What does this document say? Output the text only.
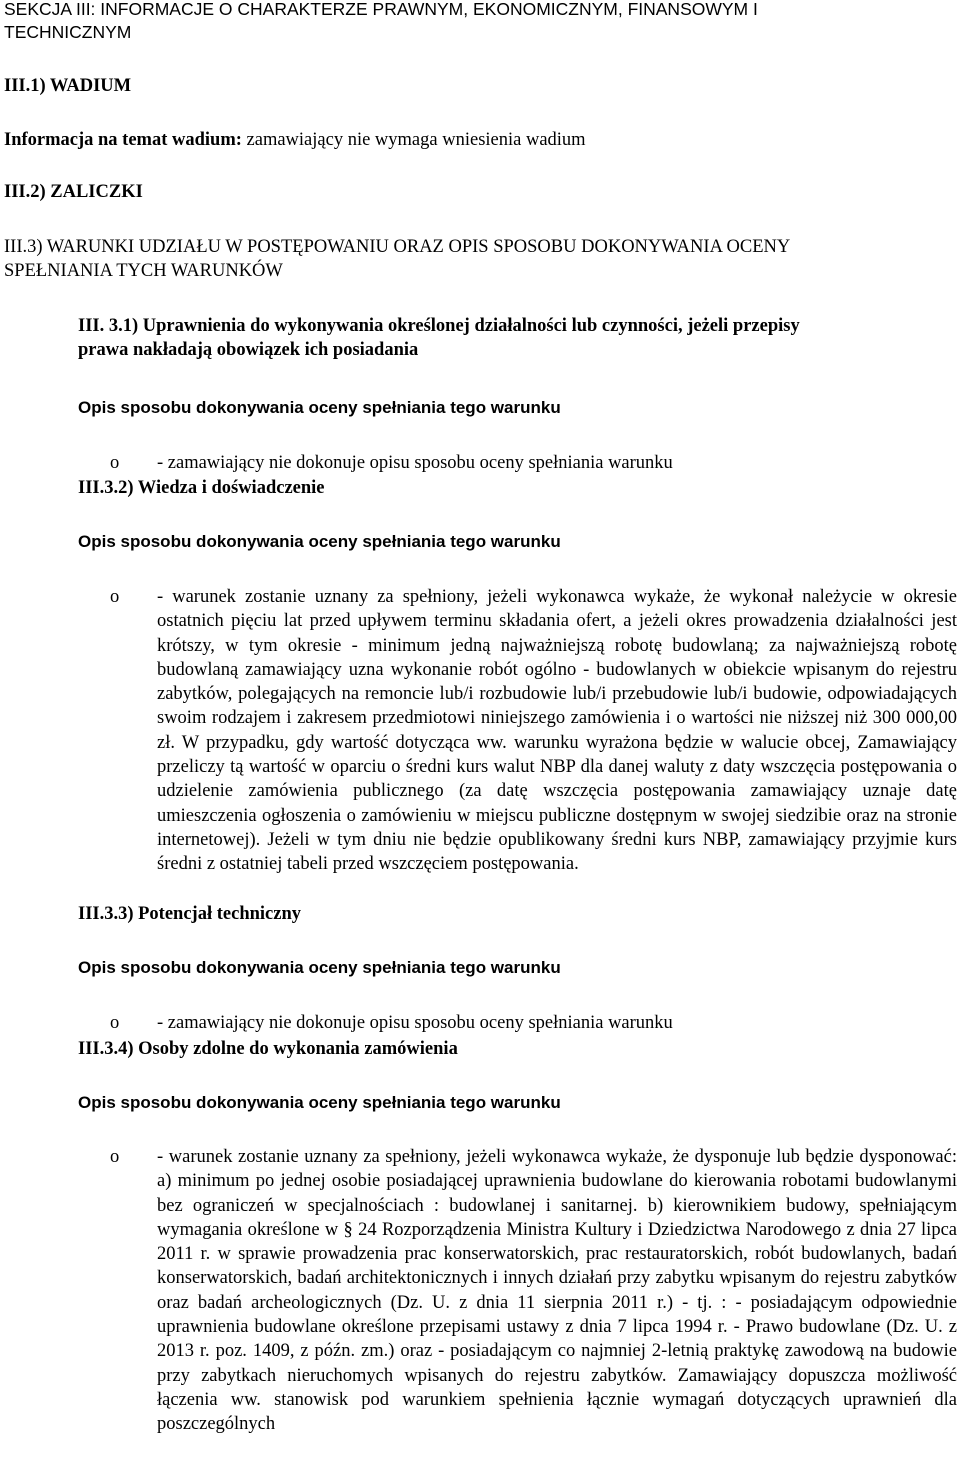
SEKCJA III: INFORMACJE O CHARAKTERZE PRAWNYM, EKONOMICZNYM, FINANSOWYM I
TECHNICZNYM
III.1) WADIUM
Informacja na temat wadium: zamawiający nie wymaga wniesienia wadium
III.2) ZALICZKI
III.3) WARUNKI UDZIAŁU W POSTĘPOWANIU ORAZ OPIS SPOSOBU DOKONYWANIA OCENY
SPEŁNIANIA TYCH WARUNKÓW
III. 3.1) Uprawnienia do wykonywania określonej działalności lub czynności, jeżeli przepisy
prawa nakładają obowiązek ich posiadania
Opis sposobu dokonywania oceny spełniania tego warunku
o - zamawiający nie dokonuje opisu sposobu oceny spełniania warunku
III.3.2) Wiedza i doświadczenie
Opis sposobu dokonywania oceny spełniania tego warunku
o - warunek zostanie uznany za spełniony, jeżeli wykonawca wykaże, że wykonał należycie w okresie ostatnich pięciu lat przed upływem terminu składania ofert, a jeżeli okres prowadzenia działalności jest krótszy, w tym okresie - minimum jedną najważniejszą robotę budowlaną; za najważniejszą robotę budowlaną zamawiający uzna wykonanie robót ogólno - budowlanych w obiekcie wpisanym do rejestru zabytków, polegających na remoncie lub/i rozbudowie lub/i przebudowie lub/i budowie, odpowiadających swoim rodzajem i zakresem przedmiotowi niniejszego zamówienia i o wartości nie niższej niż 300 000,00 zł. W przypadku, gdy wartość dotycząca ww. warunku wyrażona będzie w walucie obcej, Zamawiający przeliczy tą wartość w oparciu o średni kurs walut NBP dla danej waluty z daty wszczęcia postępowania o udzielenie zamówienia publicznego (za datę wszczęcia postępowania zamawiający uznaje datę umieszczenia ogłoszenia o zamówieniu w miejscu publiczne dostępnym w swojej siedzibie oraz na stronie internetowej). Jeżeli w tym dniu nie będzie opublikowany średni kurs NBP, zamawiający przyjmie kurs średni z ostatniej tabeli przed wszczęciem postępowania.
III.3.3) Potencjał techniczny
Opis sposobu dokonywania oceny spełniania tego warunku
o - zamawiający nie dokonuje opisu sposobu oceny spełniania warunku
III.3.4) Osoby zdolne do wykonania zamówienia
Opis sposobu dokonywania oceny spełniania tego warunku
o - warunek zostanie uznany za spełniony, jeżeli wykonawca wykaże, że dysponuje lub będzie dysponować: a) minimum po jednej osobie posiadającej uprawnienia budowlane do kierowania robotami budowlanymi bez ograniczeń w specjalnościach : budowlanej i sanitarnej. b) kierownikiem budowy, spełniającym wymagania określone w § 24 Rozporządzenia Ministra Kultury i Dziedzictwa Narodowego z dnia 27 lipca 2011 r. w sprawie prowadzenia prac konserwatorskich, prac restauratorskich, robót budowlanych, badań konserwatorskich, badań architektonicznych i innych działań przy zabytku wpisanym do rejestru zabytków oraz badań archeologicznych (Dz. U. z dnia 11 sierpnia 2011 r.) - tj. : - posiadającym odpowiednie uprawnienia budowlane określone przepisami ustawy z dnia 7 lipca 1994 r. - Prawo budowlane (Dz. U. z 2013 r. poz. 1409, z późn. zm.) oraz - posiadającym co najmniej 2-letnią praktykę zawodową na budowie przy zabytkach nieruchomych wpisanych do rejestru zabytków. Zamawiający dopuszcza możliwość łączenia ww. stanowisk pod warunkiem spełnienia łącznie wymagań dotyczących uprawnień dla poszczególnych
